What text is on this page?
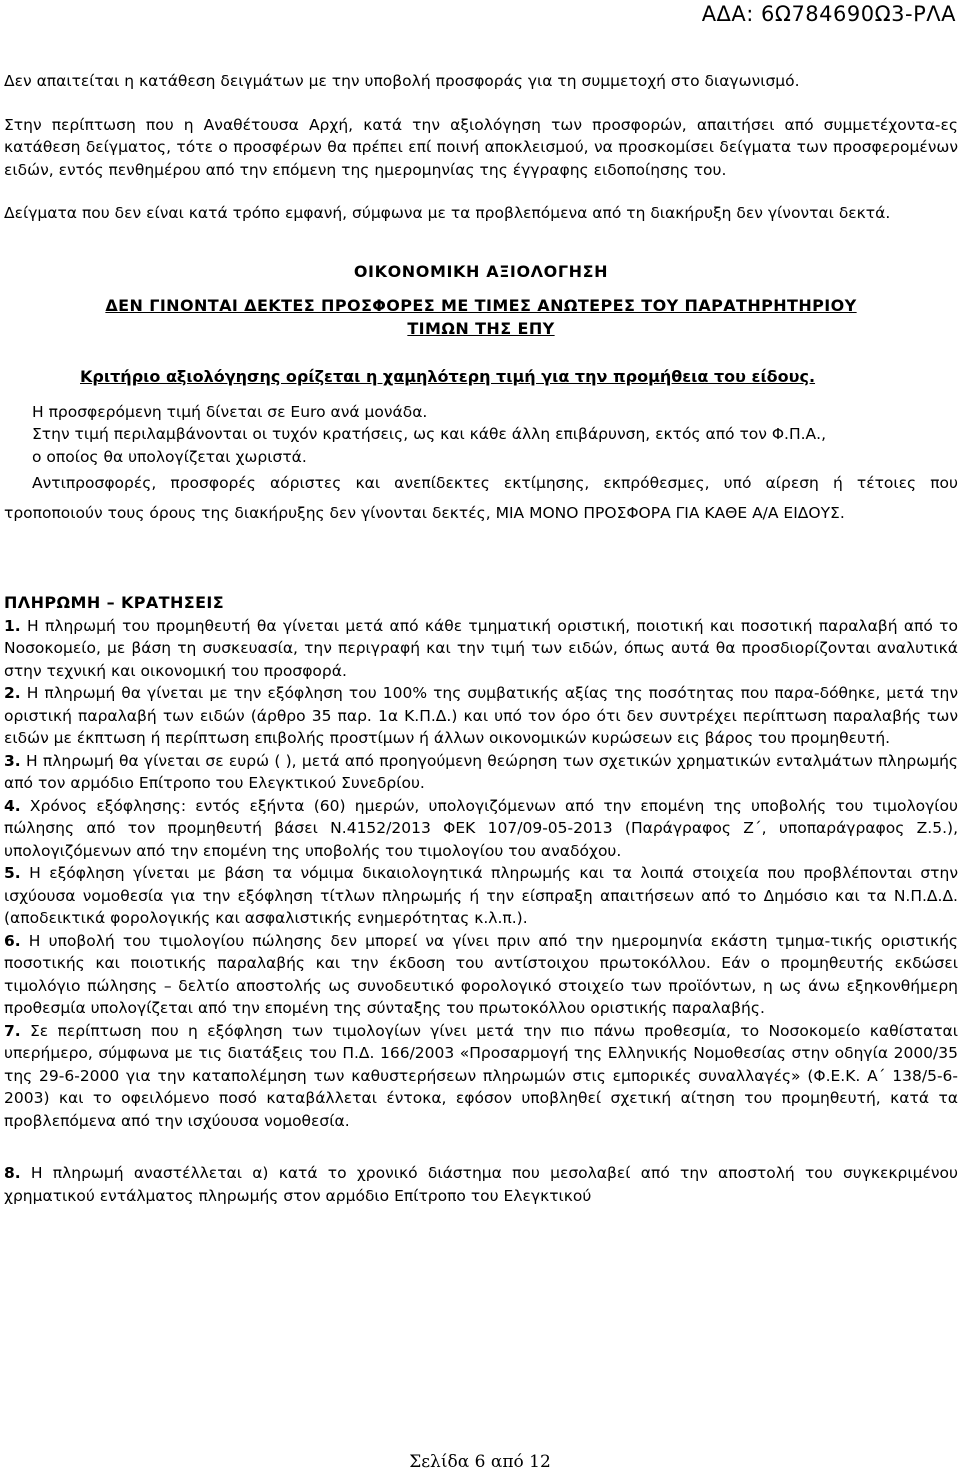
ΑΔΑ: 6Ω784690Ω3-ΡΛΑ

Δεν απαιτείται η κατάθεση δειγμάτων με την υποβολή προσφοράς για τη συμμετοχή στο διαγωνισμό.

Στην περίπτωση που η Αναθέτουσα Αρχή, κατά την αξιολόγηση των προσφορών, απαιτήσει από συμμετέχοντα-ες κατάθεση δείγματος, τότε ο προσφέρων θα πρέπει επί ποινή αποκλεισμού, να προσκομίσει δείγματα των προσφερομένων ειδών, εντός πενθημέρου από την επόμενη της ημερομηνίας της έγγραφης ειδοποίησης του.

Δείγματα που δεν είναι κατά τρόπο εμφανή, σύμφωνα με τα προβλεπόμενα από τη διακήρυξη δεν γίνονται δεκτά.

ΟΙΚΟΝΟΜΙΚΗ ΑΞΙΟΛΟΓΗΣΗ

ΔΕΝ ΓΙΝΟΝΤΑΙ ΔΕΚΤΕΣ ΠΡΟΣΦΟΡΕΣ ΜΕ ΤΙΜΕΣ ΑΝΩΤΕΡΕΣ ΤΟΥ ΠΑΡΑΤΗΡΗΤΗΡΙΟΥ

ΤΙΜΩΝ ΤΗΣ ΕΠΥ

Κριτήριο αξιολόγησης ορίζεται η χαμηλότερη τιμή για την προμήθεια του είδους.

Η προσφερόμενη τιμή δίνεται σε Euro ανά μονάδα.

Στην τιμή περιλαμβάνονται οι τυχόν κρατήσεις, ως και κάθε άλλη επιβάρυνση, εκτός από τον Φ.Π.Α.,

ο οποίος θα υπολογίζεται χωριστά.

Αντιπροσφορές, προσφορές αόριστες και ανεπίδεκτες εκτίμησης, εκπρόθεσμες, υπό αίρεση ή τέτοιες που τροποποιούν τους όρους της διακήρυξης δεν γίνονται δεκτές, ΜΙΑ ΜΟΝΟ ΠΡΟΣΦΟΡΑ ΓΙΑ ΚΑΘΕ Α/Α ΕΙΔΟΥΣ.

ΠΛΗΡΩΜΗ – ΚΡΑΤΗΣΕΙΣ

1. Η πληρωμή του προμηθευτή θα γίνεται μετά από κάθε τμηματική οριστική, ποιοτική και ποσοτική παραλαβή από το Νοσοκομείο, με βάση τη συσκευασία, την περιγραφή και την τιμή των ειδών, όπως αυτά θα προσδιορίζονται αναλυτικά στην τεχνική και οικονομική του προσφορά.

2. Η πληρωμή θα γίνεται με την εξόφληση του 100% της συμβατικής αξίας της ποσότητας που παρα-δόθηκε, μετά την οριστική παραλαβή των ειδών (άρθρο 35 παρ. 1α Κ.Π.Δ.) και υπό τον όρο ότι δεν συντρέχει περίπτωση παραλαβής των ειδών με έκπτωση ή περίπτωση επιβολής προστίμων ή άλλων οικονομικών κυρώσεων εις βάρος του προμηθευτή.

3. Η πληρωμή θα γίνεται σε ευρώ ( ), μετά από προηγούμενη θεώρηση των σχετικών χρηματικών ενταλμάτων πληρωμής από τον αρμόδιο Επίτροπο του Ελεγκτικού Συνεδρίου.

4. Χρόνος εξόφλησης: εντός εξήντα (60) ημερών, υπολογιζόμενων από την επομένη της υποβολής του τιμολογίου πώλησης από τον προμηθευτή βάσει Ν.4152/2013 ΦΕΚ 107/09-05-2013 (Παράγραφος Ζ΄, υποπαράγραφος Ζ.5.), υπολογιζόμενων από την επομένη της υποβολής του τιμολογίου του αναδόχου.

5. Η εξόφληση γίνεται με βάση τα νόμιμα δικαιολογητικά πληρωμής και τα λοιπά στοιχεία που προβλέπονται στην ισχύουσα νομοθεσία για την εξόφληση τίτλων πληρωμής ή την είσπραξη απαιτήσεων από το Δημόσιο και τα Ν.Π.Δ.Δ. (αποδεικτικά φορολογικής και ασφαλιστικής ενημερότητας κ.λ.π.).

6. Η υποβολή του τιμολογίου πώλησης δεν μπορεί να γίνει πριν από την ημερομηνία εκάστη τμημα-τικής οριστικής ποσοτικής και ποιοτικής παραλαβής και την έκδοση του αντίστοιχου πρωτοκόλλου. Εάν ο προμηθευτής εκδώσει τιμολόγιο πώλησης – δελτίο αποστολής ως συνοδευτικό φορολογικό στοιχείο των προϊόντων, η ως άνω εξηκονθήμερη προθεσμία υπολογίζεται από την επομένη της σύνταξης του πρωτοκόλλου οριστικής παραλαβής.

7. Σε περίπτωση που η εξόφληση των τιμολογίων γίνει μετά την πιο πάνω προθεσμία, το Νοσοκομείο καθίσταται υπερήμερο, σύμφωνα με τις διατάξεις του Π.Δ. 166/2003 «Προσαρμογή της Ελληνικής Νομοθεσίας στην οδηγία 2000/35 της 29-6-2000 για την καταπολέμηση των καθυστερήσεων πληρωμών στις εμπορικές συναλλαγές» (Φ.Ε.Κ. Α΄ 138/5-6-2003) και το οφειλόμενο ποσό καταβάλλεται έντοκα, εφόσον υποβληθεί σχετική αίτηση του προμηθευτή, κατά τα προβλεπόμενα από την ισχύουσα νομοθεσία.

8. Η πληρωμή αναστέλλεται α) κατά το χρονικό διάστημα που μεσολαβεί από την αποστολή του συγκεκριμένου χρηματικού εντάλματος πληρωμής στον αρμόδιο Επίτροπο του Ελεγκτικού

Σελίδα 6 από 12
